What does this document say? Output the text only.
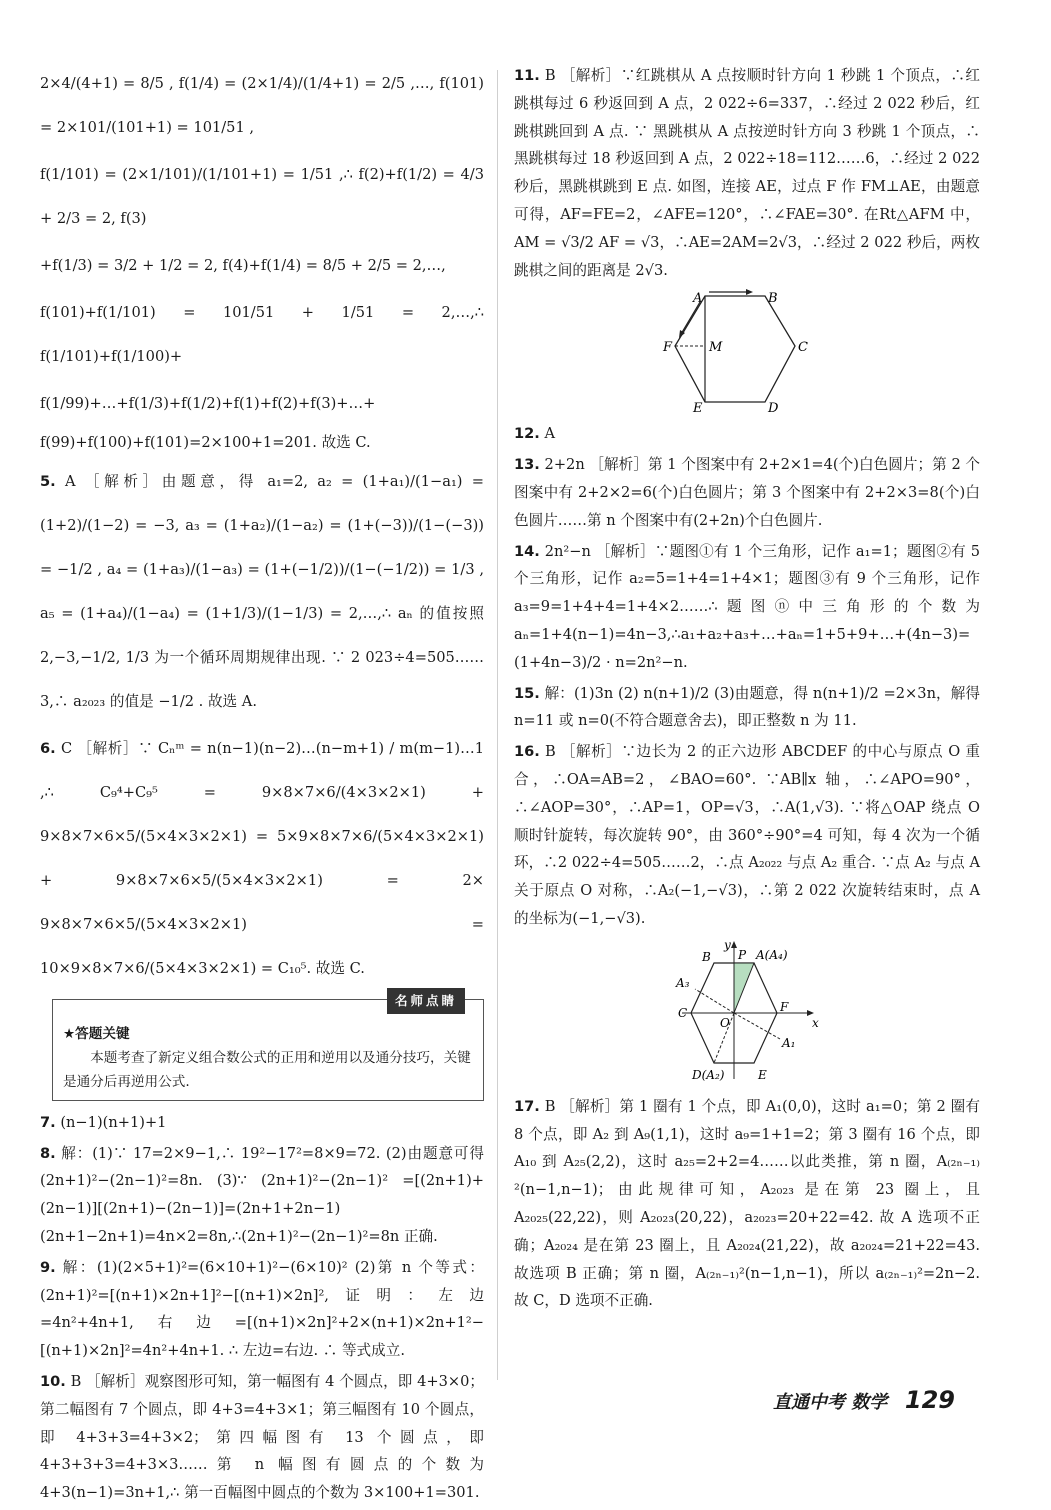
2×4/(4+1) = 8/5 , f(1/4) = (2×1/4)/(1/4+1) = 2/5 ,…, f(101) = 2×101/(101+1) = 101/51 ,

f(1/101) = (2×1/101)/(1/101+1) = 1/51 ,∴ f(2)+f(1/2) = 4/3 + 2/3 = 2, f(3)

+f(1/3) = 3/2 + 1/2 = 2, f(4)+f(1/4) = 8/5 + 2/5 = 2,…,

f(101)+f(1/101) = 101/51 + 1/51 = 2,…,∴ f(1/101)+f(1/100)+

f(1/99)+…+f(1/3)+f(1/2)+f(1)+f(2)+f(3)+…+

f(99)+f(100)+f(101)=2×100+1=201. 故选 C.

5. A ［解析］由题意，得 a₁=2, a₂ = (1+a₁)/(1−a₁) = (1+2)/(1−2) = −3, a₃ = (1+a₂)/(1−a₂) = (1+(−3))/(1−(−3)) = −1/2 , a₄ = (1+a₃)/(1−a₃) = (1+(−1/2))/(1−(−1/2)) = 1/3 , a₅ = (1+a₄)/(1−a₄) = (1+1/3)/(1−1/3) = 2,…,∴ aₙ 的值按照 2,−3,−1/2, 1/3 为一个循环周期规律出现. ∵ 2 023÷4=505……3,∴ a₂₀₂₃ 的值是 −1/2 . 故选 A.

6. C ［解析］∵ Cₙᵐ = n(n−1)(n−2)…(n−m+1) / m(m−1)…1 ,∴ C₉⁴+C₉⁵ = 9×8×7×6/(4×3×2×1) + 9×8×7×6×5/(5×4×3×2×1) = 5×9×8×7×6/(5×4×3×2×1) + 9×8×7×6×5/(5×4×3×2×1) = 2× 9×8×7×6×5/(5×4×3×2×1) = 10×9×8×7×6/(5×4×3×2×1) = C₁₀⁵. 故选 C.

名师点睛
★答题关键
本题考查了新定义组合数公式的正用和逆用以及通分技巧，关键是通分后再逆用公式.

7. (n−1)(n+1)+1

8. 解：(1)∵ 17=2×9−1,∴ 19²−17²=8×9=72. (2)由题意可得(2n+1)²−(2n−1)²=8n. (3)∵ (2n+1)²−(2n−1)² =[(2n+1)+(2n−1)][(2n+1)−(2n−1)]=(2n+1+2n−1)(2n+1−2n+1)=4n×2=8n,∴(2n+1)²−(2n−1)²=8n 正确.

9. 解：(1)(2×5+1)²=(6×10+1)²−(6×10)² (2)第 n 个等式：(2n+1)²=[(n+1)×2n+1]²−[(n+1)×2n]²,证明：左边=4n²+4n+1,右边=[(n+1)×2n]²+2×(n+1)×2n+1²−[(n+1)×2n]²=4n²+4n+1. ∴ 左边=右边. ∴ 等式成立.

10. B ［解析］观察图形可知，第一幅图有 4 个圆点，即 4+3×0；第二幅图有 7 个圆点，即 4+3=4+3×1；第三幅图有 10 个圆点，即 4+3+3=4+3×2；第四幅图有 13 个圆点，即 4+3+3+3=4+3×3……第 n 幅图有圆点的个数为 4+3(n−1)=3n+1,∴ 第一百幅图中圆点的个数为 3×100+1=301.

11. B ［解析］∵红跳棋从 A 点按顺时针方向 1 秒跳 1 个顶点，∴红跳棋每过 6 秒返回到 A 点，2 022÷6=337，∴经过 2 022 秒后，红跳棋跳回到 A 点. ∵ 黑跳棋从 A 点按逆时针方向 3 秒跳 1 个顶点，∴黑跳棋每过 18 秒返回到 A 点，2 022÷18=112……6，∴经过 2 022 秒后，黑跳棋跳到 E 点. 如图，连接 AE，过点 F 作 FM⊥AE，由题意可得，AF=FE=2，∠AFE=120°，∴∠FAE=30°. 在Rt△AFM 中，AM = √3/2 AF = √3，∴AE=2AM=2√3，∴经过 2 022 秒后，两枚跳棋之间的距离是 2√3.

A	B
C
D
E
F	M

12. A

13. 2+2n ［解析］第 1 个图案中有 2+2×1=4(个)白色圆片；第 2 个图案中有 2+2×2=6(个)白色圆片；第 3 个图案中有 2+2×3=8(个)白色圆片……第 n 个图案中有(2+2n)个白色圆片.

14. 2n²−n ［解析］∵题图①有 1 个三角形，记作 a₁=1；题图②有 5 个三角形，记作 a₂=5=1+4=1+4×1；题图③有 9 个三角形，记作 a₃=9=1+4+4=1+4×2……∴题图ⓝ中三角形的个数为 aₙ=1+4(n−1)=4n−3,∴a₁+a₂+a₃+…+aₙ=1+5+9+…+(4n−3)= (1+4n−3)/2 · n=2n²−n.

15. 解：(1)3n (2) n(n+1)/2 (3)由题意，得 n(n+1)/2 =2×3n，解得 n=11 或 n=0(不符合题意舍去)，即正整数 n 为 11.

16. B ［解析］∵边长为 2 的正六边形 ABCDEF 的中心与原点 O 重合，∴OA=AB=2，∠BAO=60°. ∵AB∥x 轴，∴∠APO=90°，∴∠AOP=30°，∴AP=1，OP=√3，∴A(1,√3). ∵将△OAP 绕点 O 顺时针旋转，每次旋转 90°，由 360°÷90°=4 可知，每 4 次为一个循环，∴2 022÷4=505……2，∴点 A₂₀₂₂ 与点 A₂ 重合. ∵点 A₂ 与点 A 关于原点 O 对称，∴A₂(−1,−√3)，∴第 2 022 次旋转结束时，点 A 的坐标为(−1,−√3).

y
x
B P A(A₄)
A₃
C
O
F
A₁
D(A₂)	E

17. B ［解析］第 1 圈有 1 个点，即 A₁(0,0)，这时 a₁=0；第 2 圈有 8 个点，即 A₂ 到 A₉(1,1)，这时 a₉=1+1=2；第 3 圈有 16 个点，即 A₁₀ 到 A₂₅(2,2)，这时 a₂₅=2+2=4……以此类推，第 n 圈，A₍₂ₙ₋₁₎²(n−1,n−1)；由此规律可知，A₂₀₂₃ 是在第 23 圈上，且 A₂₀₂₅(22,22)，则 A₂₀₂₃(20,22)，a₂₀₂₃=20+22=42. 故 A 选项不正确；A₂₀₂₄ 是在第 23 圈上，且 A₂₀₂₄(21,22)，故 a₂₀₂₄=21+22=43. 故选项 B 正确；第 n 圈，A₍₂ₙ₋₁₎²(n−1,n−1)，所以 a₍₂ₙ₋₁₎²=2n−2. 故 C，D 选项不正确.

直通中考 数学 129
